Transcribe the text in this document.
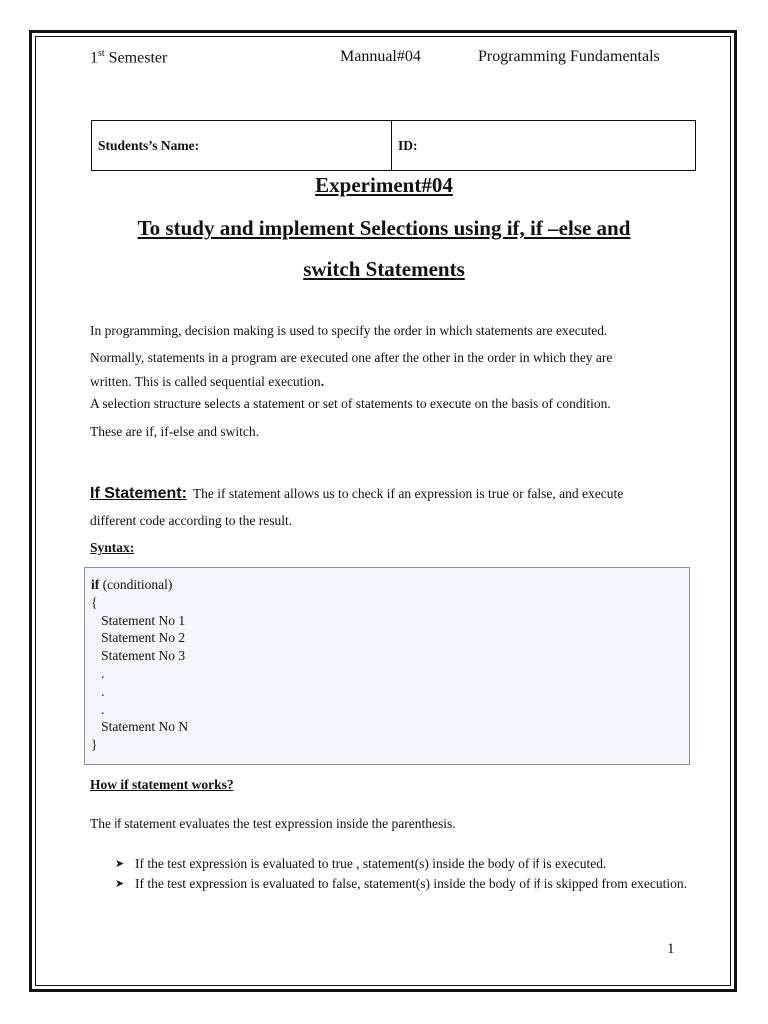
1st Semester	Mannual#04	Programming Fundamentals
Students’s Name:	ID:
Experiment#04
To study and implement Selections using if, if –else and
switch Statements
In programming, decision making is used to specify the order in which statements are executed.
Normally, statements in a program are executed one after the other in the order in which they are
written. This is called sequential execution.
A selection structure selects a statement or set of statements to execute on the basis of condition.
These are if, if-else and switch.
If Statement: The if statement allows us to check if an expression is true or false, and execute
different code according to the result.
Syntax:
if (conditional)
{
Statement No 1
Statement No 2
Statement No 3
.
.
.
Statement No N
}
How if statement works?
The if statement evaluates the test expression inside the parenthesis.
➤ If the test expression is evaluated to true , statement(s) inside the body of if is executed.
➤ If the test expression is evaluated to false, statement(s) inside the body of if is skipped from execution.
1
